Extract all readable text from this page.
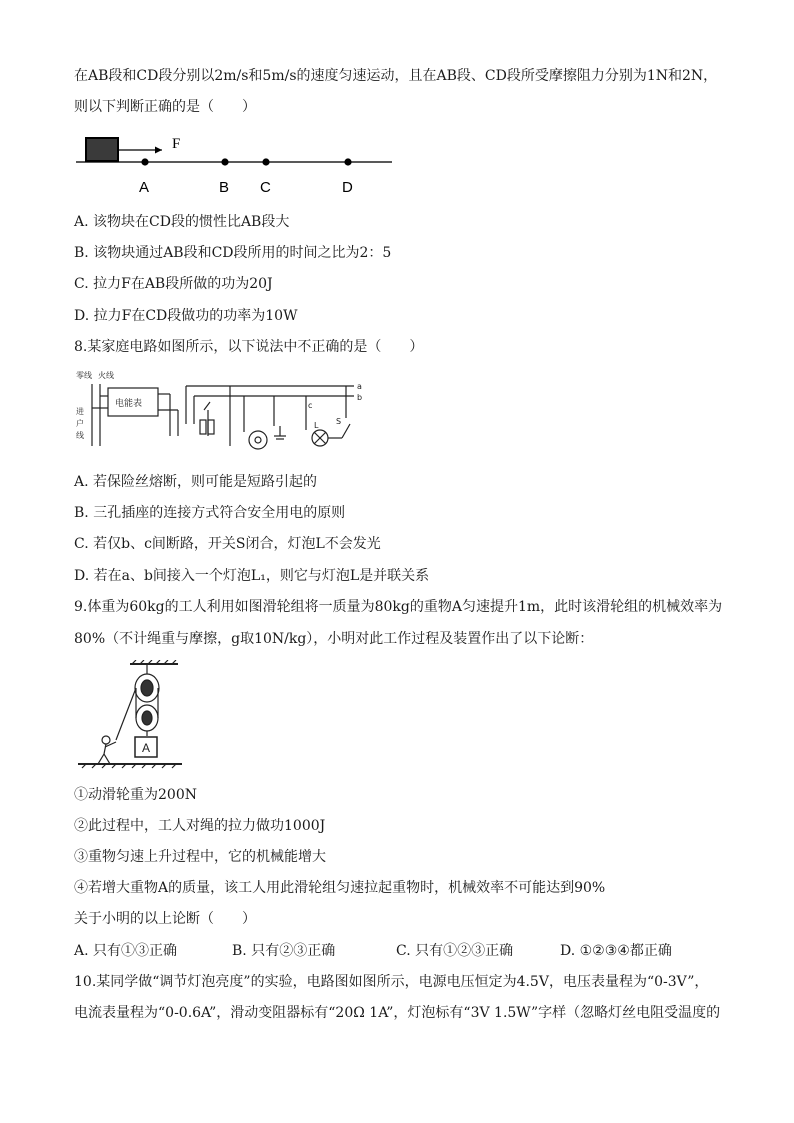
在AB段和CD段分别以2m/s和5m/s的速度匀速运动，且在AB段、CD段所受摩擦阻力分别为1N和2N，
则以下判断正确的是（　　）
F
A	B C	D
A. 该物块在CD段的惯性比AB段大
B. 该物块通过AB段和CD段所用的时间之比为2：5
C. 拉力F在AB段所做的功为20J
D. 拉力F在CD段做功的功率为10W
8.某家庭电路如图所示，以下说法中不正确的是（　　）
零线 火线
进
户
线
电能表
a
b
c
S
L
A. 若保险丝熔断，则可能是短路引起的
B. 三孔插座的连接方式符合安全用电的原则
C. 若仅b、c间断路，开关S闭合，灯泡L不会发光
D. 若在a、b间接入一个灯泡L₁，则它与灯泡L是并联关系
9.体重为60kg的工人利用如图滑轮组将一质量为80kg的重物A匀速提升1m，此时该滑轮组的机械效率为
80%（不计绳重与摩擦，g取10N/kg），小明对此工作过程及装置作出了以下论断：
A
①动滑轮重为200N
②此过程中，工人对绳的拉力做功1000J
③重物匀速上升过程中，它的机械能增大
④若增大重物A的质量，该工人用此滑轮组匀速拉起重物时，机械效率不可能达到90%
关于小明的以上论断（　　）
A. 只有①③正确	B. 只有②③正确	C. 只有①②③正确	D. ①②③④都正确
10.某同学做“调节灯泡亮度”的实验，电路图如图所示，电源电压恒定为4.5V，电压表量程为“0-3V”，
电流表量程为“0-0.6A”，滑动变阻器标有“20Ω 1A”，灯泡标有“3V 1.5W”字样（忽略灯丝电阻受温度的
